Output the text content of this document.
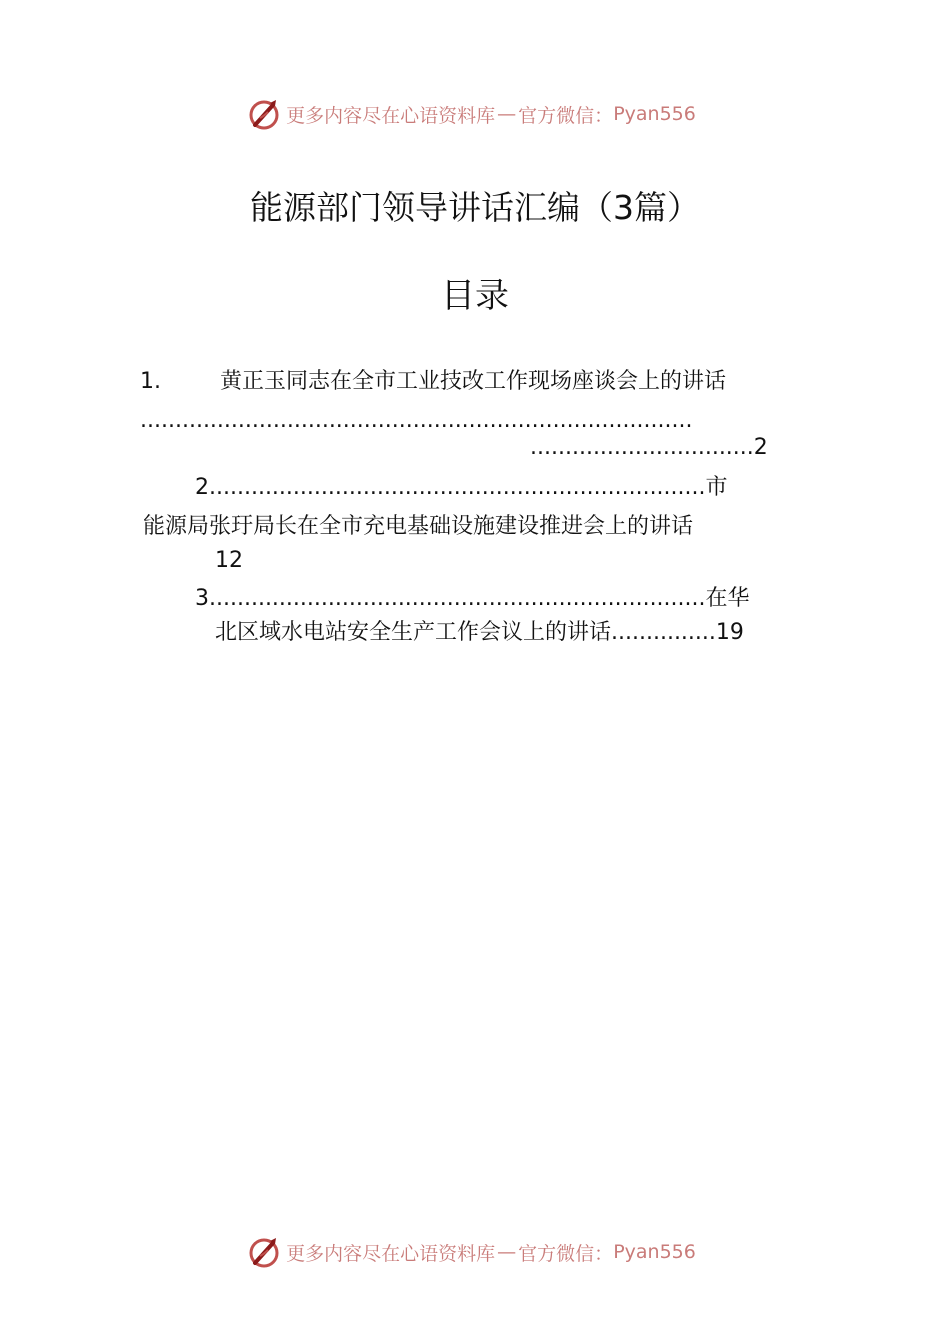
更多内容尽在心语资料库 — 官方微信： Pyan556
能源部门领导讲话汇编（3篇）
目录
1.	黄正玉同志在全市工业技改工作现场座谈会上的讲话
...............................................................................
................................2
2.......................................................................市
能源局张玗局长在全市充电基础设施建设推进会上的讲话
12
3.......................................................................在华
北区域水电站安全生产工作会议上的讲话...............19
更多内容尽在心语资料库 — 官方微信： Pyan556
